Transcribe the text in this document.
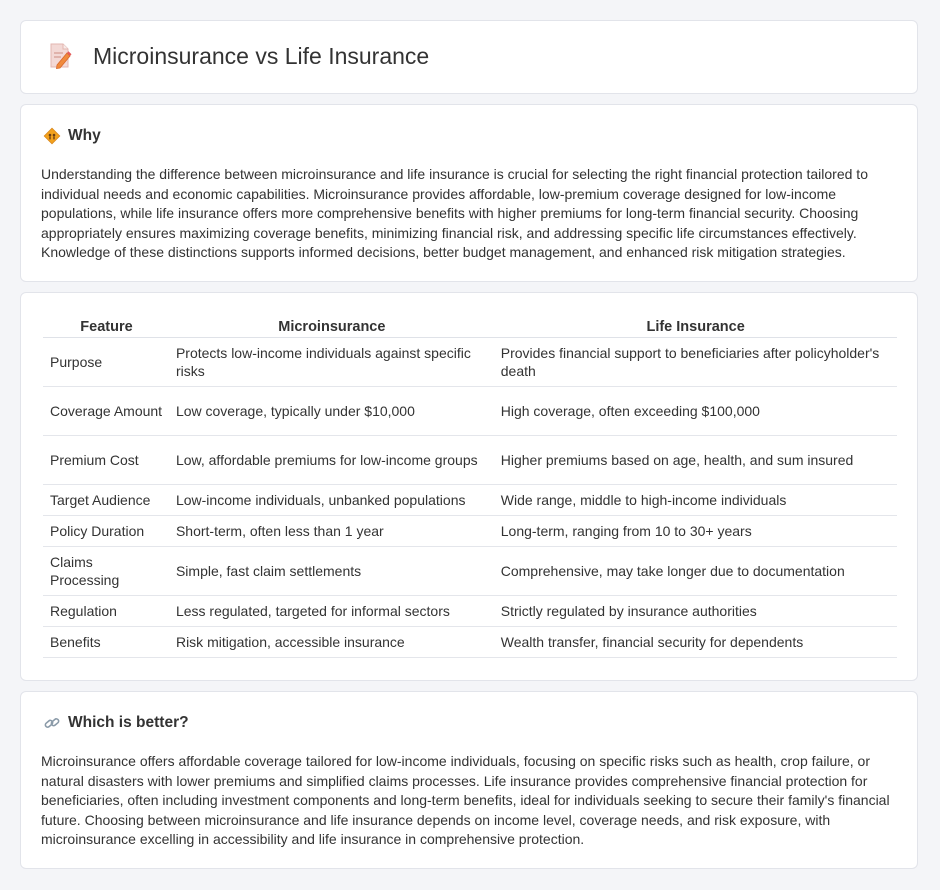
Microinsurance vs Life Insurance
Why

Understanding the difference between microinsurance and life insurance is crucial for selecting the right financial protection tailored to individual needs and economic capabilities. Microinsurance provides affordable, low-premium coverage designed for low-income populations, while life insurance offers more comprehensive benefits with higher premiums for long-term financial security. Choosing appropriately ensures maximizing coverage benefits, minimizing financial risk, and addressing specific life circumstances effectively. Knowledge of these distinctions supports informed decisions, better budget management, and enhanced risk mitigation strategies.

Feature	Microinsurance	Life Insurance
Purpose	Protects low-income individuals against specific risks	Provides financial support to beneficiaries after policyholder's death
Coverage Amount	Low coverage, typically under $10,000	High coverage, often exceeding $100,000
Premium Cost	Low, affordable premiums for low-income groups	Higher premiums based on age, health, and sum insured
Target Audience	Low-income individuals, unbanked populations	Wide range, middle to high-income individuals
Policy Duration	Short-term, often less than 1 year	Long-term, ranging from 10 to 30+ years
Claims Processing	Simple, fast claim settlements	Comprehensive, may take longer due to documentation
Regulation	Less regulated, targeted for informal sectors	Strictly regulated by insurance authorities
Benefits	Risk mitigation, accessible insurance	Wealth transfer, financial security for dependents
Which is better?

Microinsurance offers affordable coverage tailored for low-income individuals, focusing on specific risks such as health, crop failure, or natural disasters with lower premiums and simplified claims processes. Life insurance provides comprehensive financial protection for beneficiaries, often including investment components and long-term benefits, ideal for individuals seeking to secure their family's financial future. Choosing between microinsurance and life insurance depends on income level, coverage needs, and risk exposure, with microinsurance excelling in accessibility and life insurance in comprehensive protection.
